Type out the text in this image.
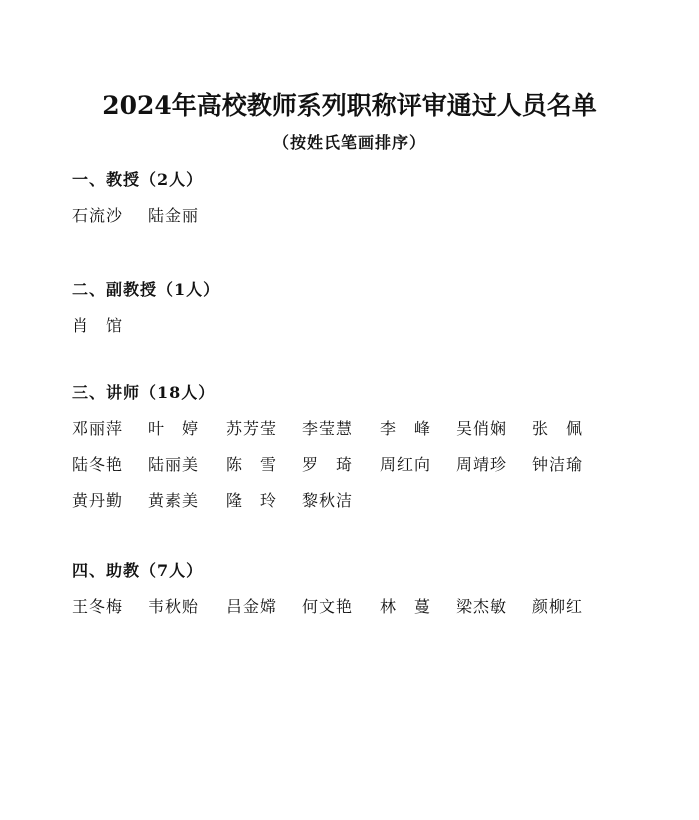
2024年高校教师系列职称评审通过人员名单
（按姓氏笔画排序）
一、教授（2人）
石流沙	陆金丽
二、副教授（1人）
肖　馆
三、讲师（18人）
邓丽萍	叶　婷	苏芳莹	李莹慧	李　峰	吴俏娴	张　佩
陆冬艳	陆丽美	陈　雪	罗　琦	周红向	周靖珍	钟洁瑜
黄丹勤	黄素美	隆　玲	黎秋洁
四、助教（7人）
王冬梅	韦秋贻	吕金嫦	何文艳	林　蔓	梁杰敏	颜柳红
